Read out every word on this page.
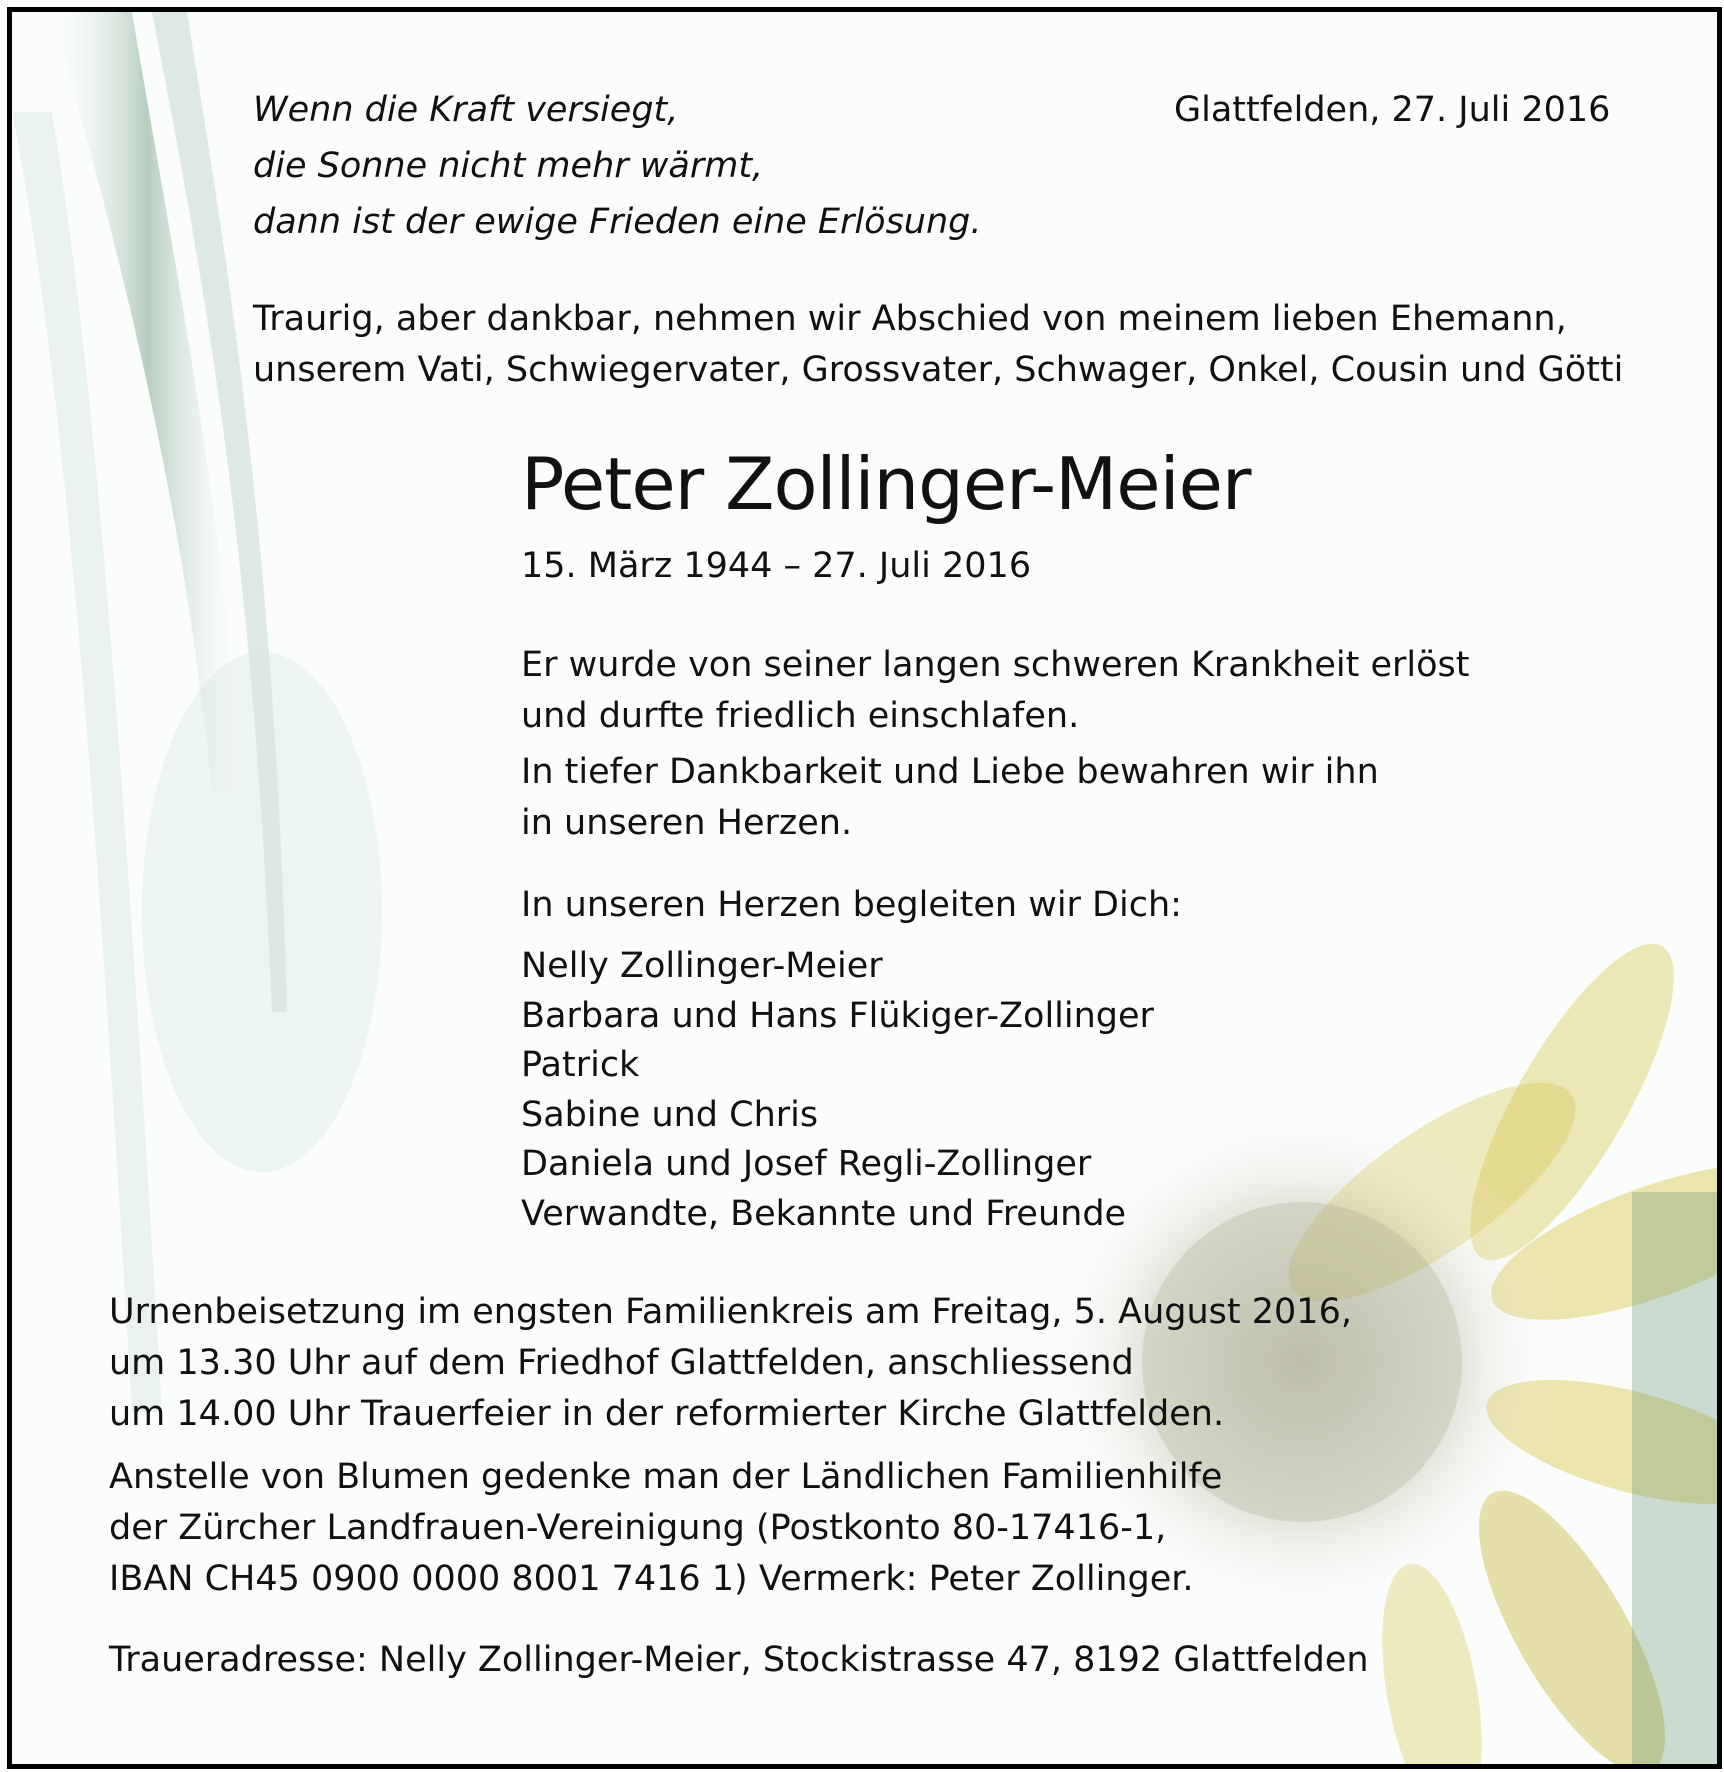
Wenn die Kraft versiegt,
die Sonne nicht mehr wärmt,
dann ist der ewige Frieden eine Erlösung.
Glattfelden, 27. Juli 2016
Traurig, aber dankbar, nehmen wir Abschied von meinem lieben Ehemann,
unserem Vati, Schwiegervater, Grossvater, Schwager, Onkel, Cousin und Götti
Peter Zollinger-Meier
15. März 1944 – 27. Juli 2016
Er wurde von seiner langen schweren Krankheit erlöst
und durfte friedlich einschlafen.
In tiefer Dankbarkeit und Liebe bewahren wir ihn
in unseren Herzen.
In unseren Herzen begleiten wir Dich:
Nelly Zollinger-Meier
Barbara und Hans Flükiger-Zollinger
Patrick
Sabine und Chris
Daniela und Josef Regli-Zollinger
Verwandte, Bekannte und Freunde
Urnenbeisetzung im engsten Familienkreis am Freitag, 5. August 2016,
um 13.30 Uhr auf dem Friedhof Glattfelden, anschliessend
um 14.00 Uhr Trauerfeier in der reformierter Kirche Glattfelden.
Anstelle von Blumen gedenke man der Ländlichen Familienhilfe
der Zürcher Landfrauen-Vereinigung (Postkonto 80-17416-1,
IBAN CH45 0900 0000 8001 7416 1) Vermerk: Peter Zollinger.
Traueradresse: Nelly Zollinger-Meier, Stockistrasse 47, 8192 Glattfelden
